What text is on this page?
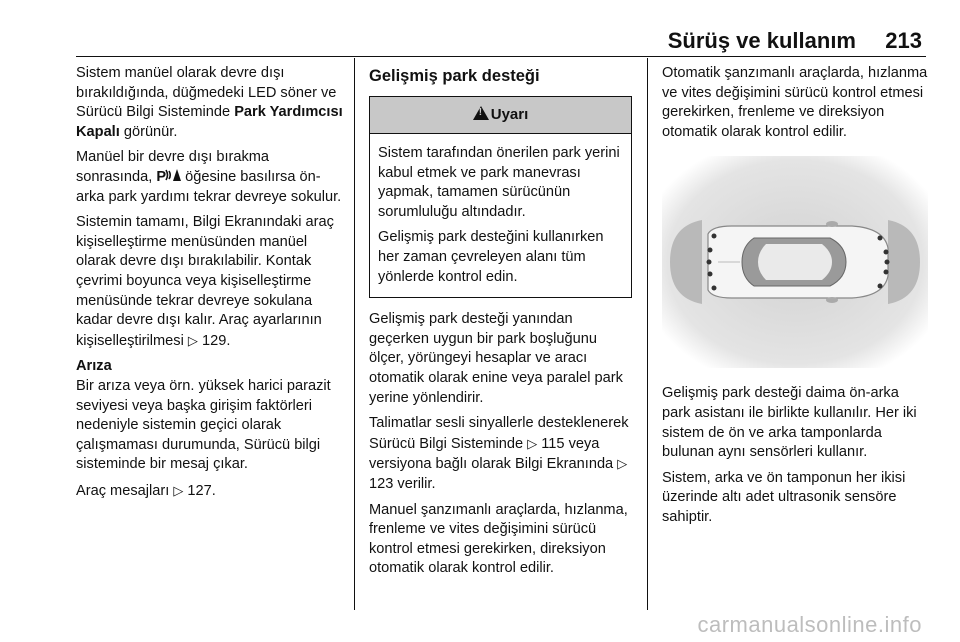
Sürüş ve kullanım 213

Sistem manüel olarak devre dışı bırakıldığında, düğmedeki LED söner ve Sürücü Bilgi Sisteminde Park Yardımcısı Kapalı görünür.

Manüel bir devre dışı bırakma sonrasında, P öğesine basılırsa ön-arka park yardımı tekrar devreye sokulur.

Sistemin tamamı, Bilgi Ekranındaki araç kişiselleştirme menüsünden manüel olarak devre dışı bırakılabilir. Kontak çevrimi boyunca veya kişiselleştirme menüsünde tekrar devreye sokulana kadar devre dışı kalır. Araç ayarlarının kişiselleştirilmesi ▷ 129.

Arıza

Bir arıza veya örn. yüksek harici parazit seviyesi veya başka girişim faktörleri nedeniyle sistemin geçici olarak çalışmaması durumunda, Sürücü bilgi sisteminde bir mesaj çıkar.

Araç mesajları ▷ 127.

Gelişmiş park desteği
!Uyarı

Sistem tarafından önerilen park yerini kabul etmek ve park manevrası yapmak, tamamen sürücünün sorumluluğu altındadır.

Gelişmiş park desteğini kullanırken her zaman çevreleyen alanı tüm yönlerde kontrol edin.

Gelişmiş park desteği yanından geçerken uygun bir park boşluğunu ölçer, yörüngeyi hesaplar ve aracı otomatik olarak enine veya paralel park yerine yönlendirir.

Talimatlar sesli sinyallerle desteklenerek Sürücü Bilgi Sisteminde ▷ 115 veya versiyona bağlı olarak Bilgi Ekranında ▷ 123 verilir.

Manuel şanzımanlı araçlarda, hızlanma, frenleme ve vites değişimini sürücü kontrol etmesi gerekirken, direksiyon otomatik olarak kontrol edilir.

Otomatik şanzımanlı araçlarda, hızlanma ve vites değişimini sürücü kontrol etmesi gerekirken, frenleme ve direksiyon otomatik olarak kontrol edilir.

Gelişmiş park desteği daima ön-arka park asistanı ile birlikte kullanılır. Her iki sistem de ön ve arka tamponlarda bulunan aynı sensörleri kullanır.

Sistem, arka ve ön tamponun her ikisi üzerinde altı adet ultrasonik sensöre sahiptir.

carmanualsonline.info
